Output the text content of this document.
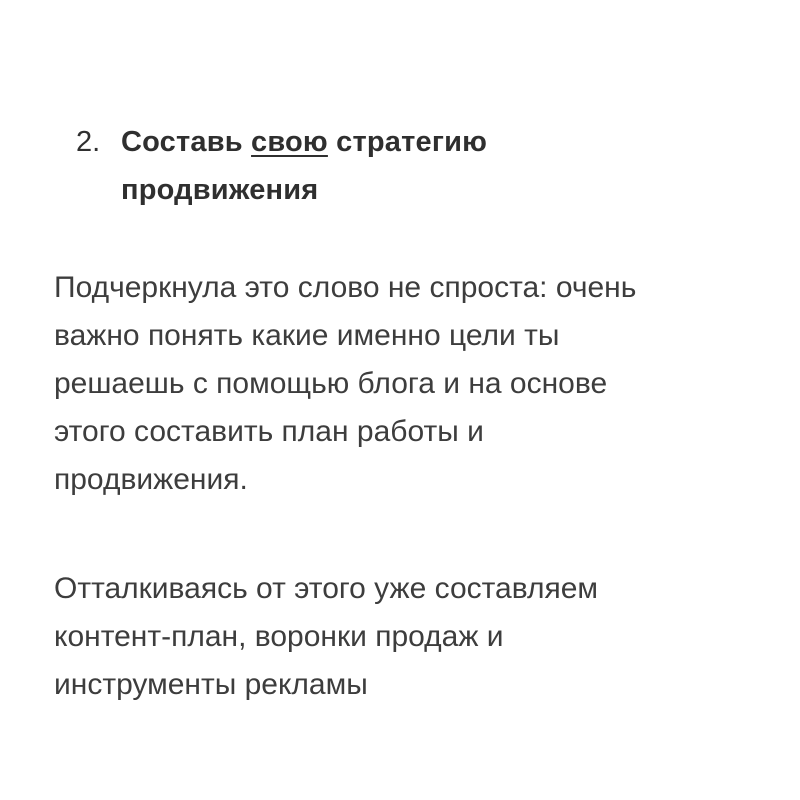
2. Составь свою стратегию
продвижения

Подчеркнула это слово не спроста: очень
важно понять какие именно цели ты
решаешь с помощью блога и на основе
этого составить план работы и
продвижения.

Отталкиваясь от этого уже составляем
контент-план, воронки продаж и
инструменты рекламы
